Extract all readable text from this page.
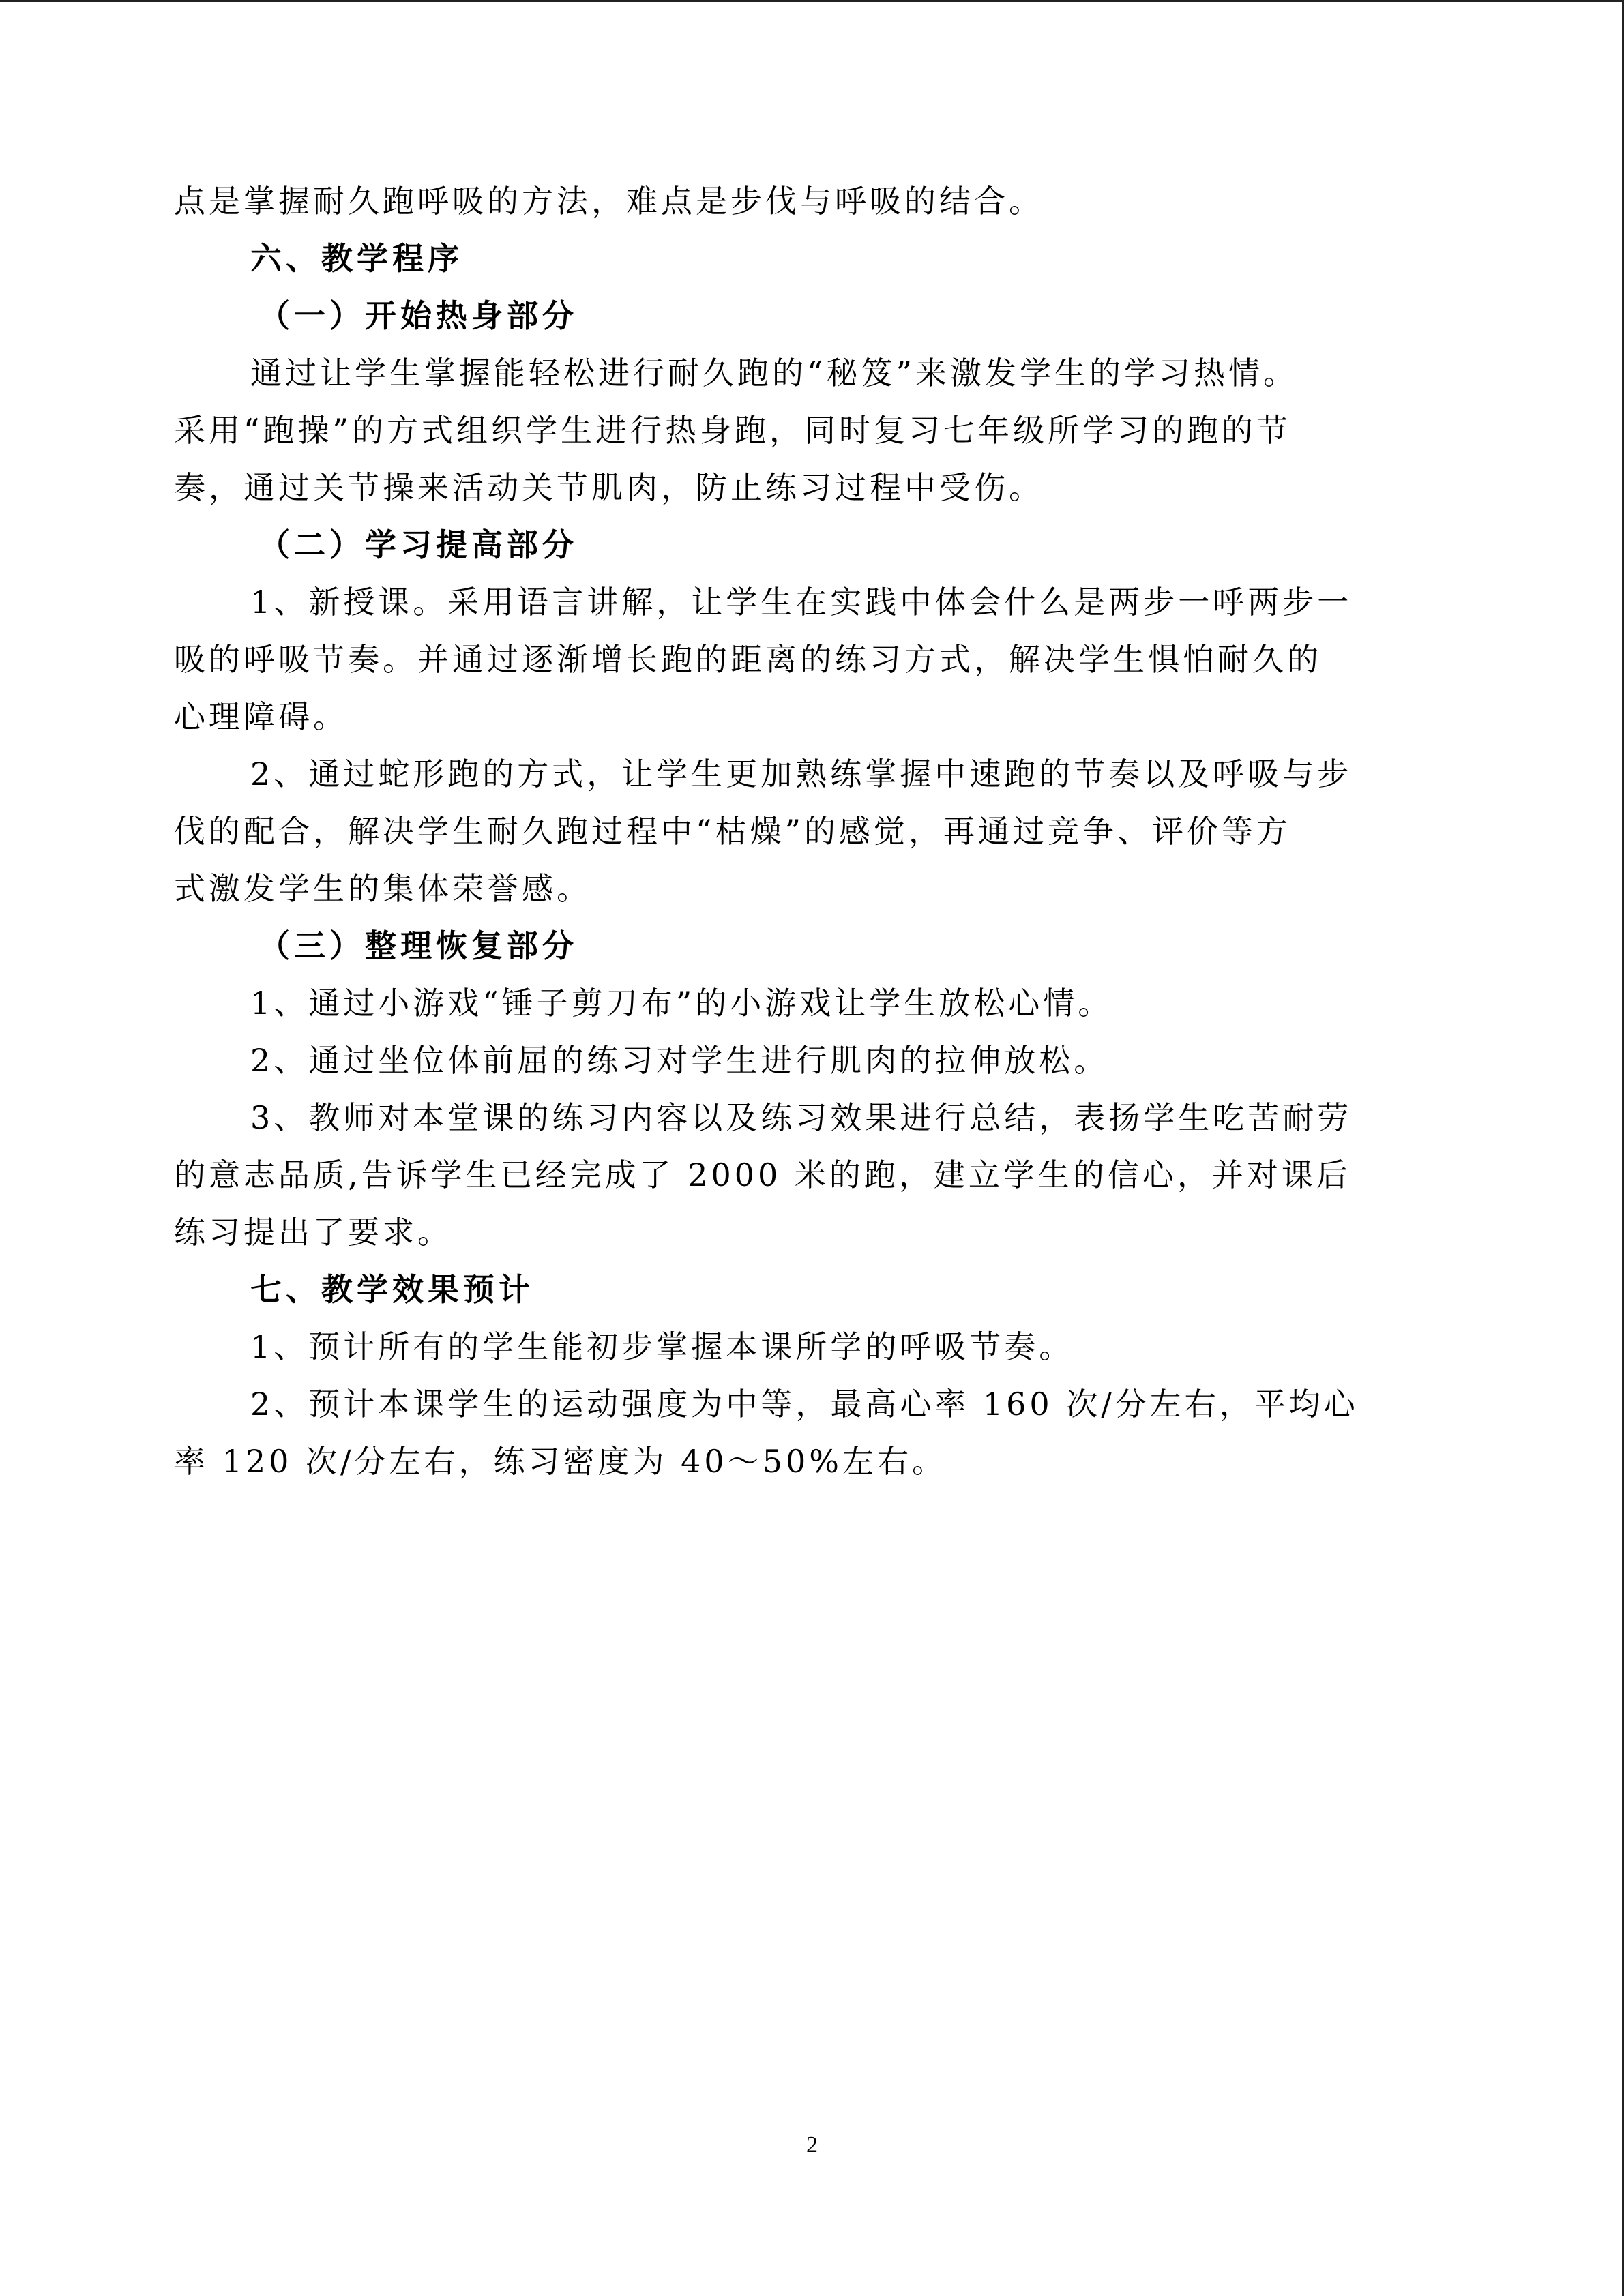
点是掌握耐久跑呼吸的方法，难点是步伐与呼吸的结合。
六、教学程序
（一）开始热身部分
通过让学生掌握能轻松进行耐久跑的“秘笈”来激发学生的学习热情。
采用“跑操”的方式组织学生进行热身跑，同时复习七年级所学习的跑的节
奏，通过关节操来活动关节肌肉，防止练习过程中受伤。
（二）学习提高部分
1、新授课。采用语言讲解，让学生在实践中体会什么是两步一呼两步一
吸的呼吸节奏。并通过逐渐增长跑的距离的练习方式，解决学生惧怕耐久的
心理障碍。
2、通过蛇形跑的方式，让学生更加熟练掌握中速跑的节奏以及呼吸与步
伐的配合，解决学生耐久跑过程中“枯燥”的感觉，再通过竞争、评价等方
式激发学生的集体荣誉感。
（三）整理恢复部分
1、通过小游戏“锤子剪刀布”的小游戏让学生放松心情。
2、通过坐位体前屈的练习对学生进行肌肉的拉伸放松。
3、教师对本堂课的练习内容以及练习效果进行总结，表扬学生吃苦耐劳
的意志品质,告诉学生已经完成了 2000 米的跑，建立学生的信心，并对课后
练习提出了要求。
七、教学效果预计
1、预计所有的学生能初步掌握本课所学的呼吸节奏。
2、预计本课学生的运动强度为中等，最高心率 160 次/分左右，平均心
率 120 次/分左右，练习密度为 40～50%左右。
2
